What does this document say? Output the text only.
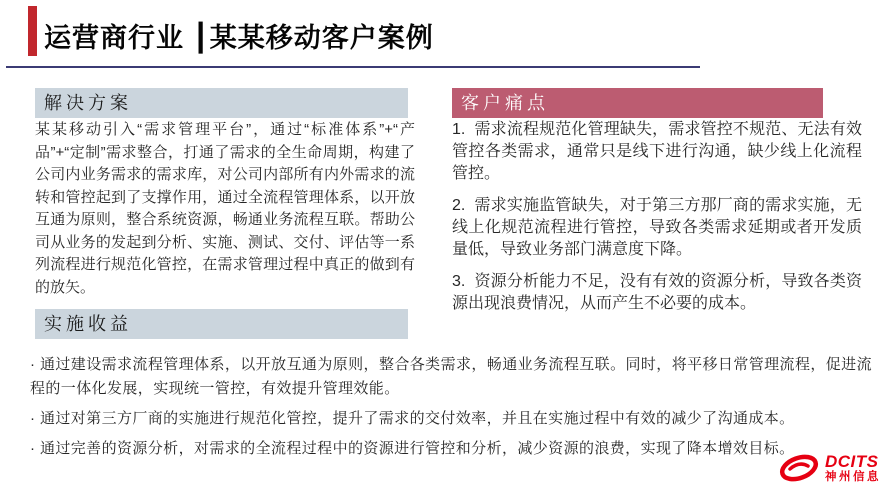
运营商行业 ┃某某移动客户案例
解决方案

某某移动引入“需求管理平台”，通过“标准体系”+“产品”+“定制”需求整合，打通了需求的全生命周期，构建了公司内业务需求的需求库，对公司内部所有内外需求的流转和管控起到了支撑作用，通过全流程管理体系，以开放互通为原则，整合系统资源，畅通业务流程互联。帮助公司从业务的发起到分析、实施、测试、交付、评估等一系列流程进行规范化管控，在需求管理过程中真正的做到有的放矢。

客户痛点

1.  需求流程规范化管理缺失，需求管控不规范、无法有效管控各类需求，通常只是线下进行沟通，缺少线上化流程管控。

2.  需求实施监管缺失，对于第三方那厂商的需求实施，无线上化规范流程进行管控，导致各类需求延期或者开发质量低，导致业务部门满意度下降。

3.  资源分析能力不足，没有有效的资源分析，导致各类资源出现浪费情况，从而产生不必要的成本。

实施收益

· 通过建设需求流程管理体系，以开放互通为原则，整合各类需求，畅通业务流程互联。同时，将平移日常管理流程，促进流程的一体化发展，实现统一管控，有效提升管理效能。

· 通过对第三方厂商的实施进行规范化管控，提升了需求的交付效率，并且在实施过程中有效的减少了沟通成本。

· 通过完善的资源分析，对需求的全流程过程中的资源进行管控和分析，减少资源的浪费，实现了降本增效目标。

DCITS
神州信息
